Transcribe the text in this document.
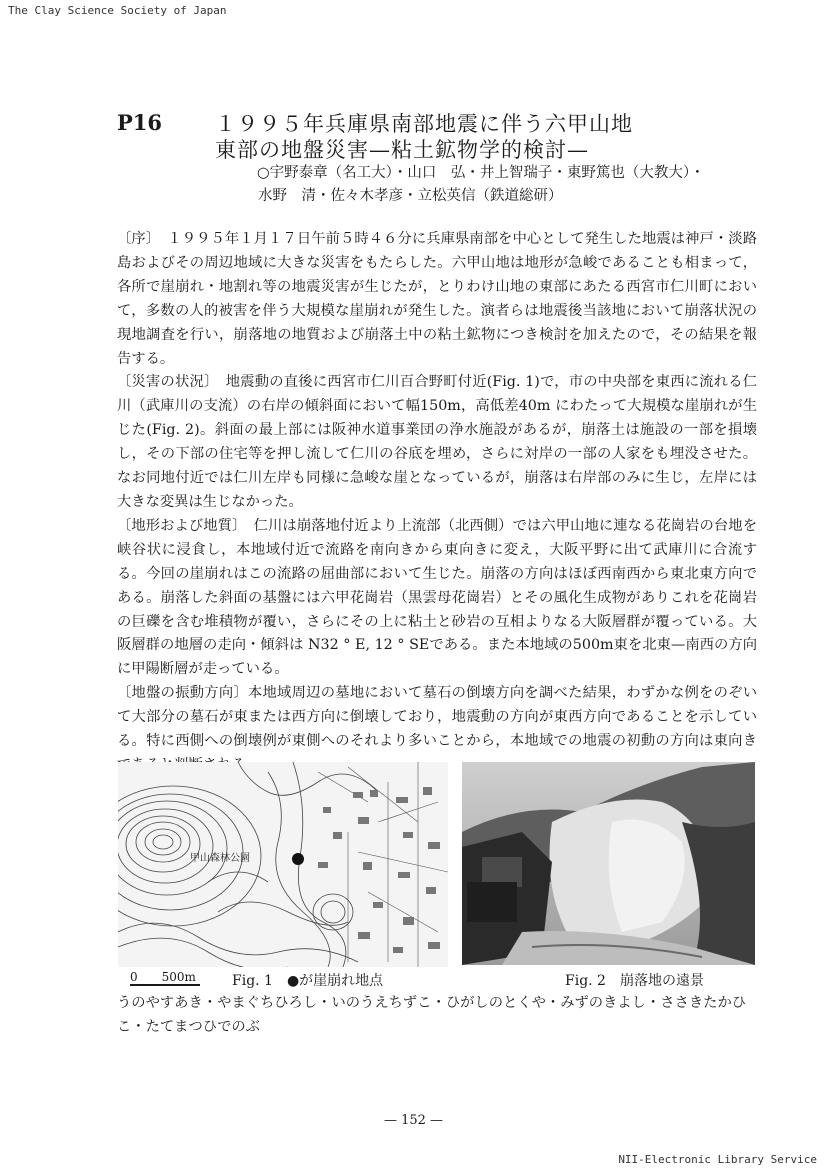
The Clay Science Society of Japan
P16	１９９５年兵庫県南部地震に伴う六甲山地
東部の地盤災害—粘土鉱物学的検討—
○宇野泰章（名工大）・山口　弘・井上智瑞子・東野篤也（大教大）・
水野　清・佐々木孝彦・立松英信（鉄道総研）
〔序〕　１９９５年１月１７日午前５時４６分に兵庫県南部を中心として発生した地震は神戸・淡路島およびその周辺地域に大きな災害をもたらした。六甲山地は地形が急峻であることも相まって，各所で崖崩れ・地割れ等の地震災害が生じたが，とりわけ山地の東部にあたる西宮市仁川町において，多数の人的被害を伴う大規模な崖崩れが発生した。演者らは地震後当該地において崩落状況の現地調査を行い，崩落地の地質および崩落土中の粘土鉱物につき検討を加えたので，その結果を報告する。
〔災害の状況〕　地震動の直後に西宮市仁川百合野町付近(Fig. 1)で，市の中央部を東西に流れる仁川（武庫川の支流）の右岸の傾斜面において幅150m，高低差40m にわたって大規模な崖崩れが生じた(Fig. 2)。斜面の最上部には阪神水道事業団の浄水施設があるが，崩落土は施設の一部を損壊し，その下部の住宅等を押し流して仁川の谷底を埋め，さらに対岸の一部の人家をも埋没させた。なお同地付近では仁川左岸も同様に急峻な崖となっているが，崩落は右岸部のみに生じ，左岸には大きな変異は生じなかった。
〔地形および地質〕　仁川は崩落地付近より上流部（北西側）では六甲山地に連なる花崗岩の台地を峡谷状に浸食し，本地域付近で流路を南向きから東向きに変え，大阪平野に出て武庫川に合流する。今回の崖崩れはこの流路の屈曲部において生じた。崩落の方向はほぼ西南西から東北東方向である。崩落した斜面の基盤には六甲花崗岩（黒雲母花崗岩）とその風化生成物がありこれを花崗岩の巨礫を含む堆積物が覆い，さらにその上に粘土と砂岩の互相よりなる大阪層群が覆っている。大阪層群の地層の走向・傾斜は N32 ° E, 12 ° SEである。また本地域の500m東を北東—南西の方向に甲陽断層が走っている。
〔地盤の振動方向〕本地域周辺の墓地において墓石の倒壊方向を調べた結果，わずかな例をのぞいて大部分の墓石が東または西方向に倒壊しており，地震動の方向が東西方向であることを示している。特に西側への倒壊例が東側へのそれより多いことから，本地域での地震の初動の方向は東向き
甲山森林公園
0　　500m	Fig. 1　●が崖崩れ地点	Fig. 2　崩落地の遠景
うのやすあき・やまぐちひろし・いのうえちずこ・ひがしのとくや・みずのきよし・ささきたかひこ・たてまつひでのぶ
— 152 —
NII-Electronic Library Service
